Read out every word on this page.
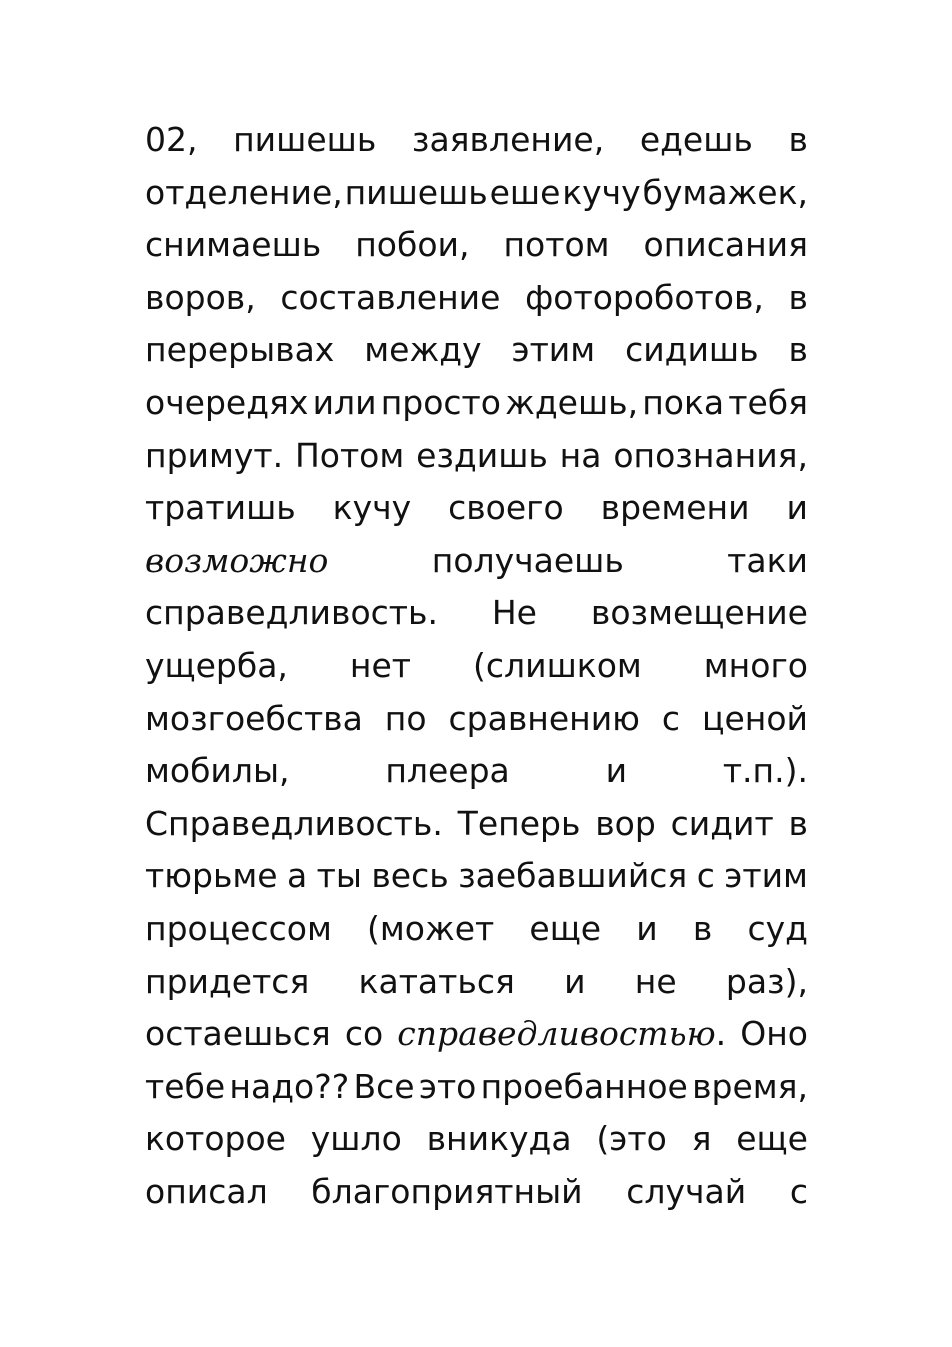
02, пишешь заявление, едешь в
отделение, пишешь еше кучу бумажек,
снимаешь побои, потом описания
воров, составление фотороботов, в
перерывах между этим сидишь в
очередях или просто ждешь, пока тебя
примут. Потом ездишь на опознания,
тратишь кучу своего времени и
возможно	получаешь	таки
справедливость. Не возмещение
ущерба, нет (слишком много
мозгоебства по сравнению с ценой
мобилы,	плеера	и	т.п.).
Справедливость. Теперь вор сидит в
тюрьме а ты весь заебавшийся с этим
процессом (может еще и в суд
придется кататься и не раз),
остаешься со справедливостью. Оно
тебе надо?? Все это проебанное время,
которое ушло вникуда (это я еще
описал благоприятный случай с
